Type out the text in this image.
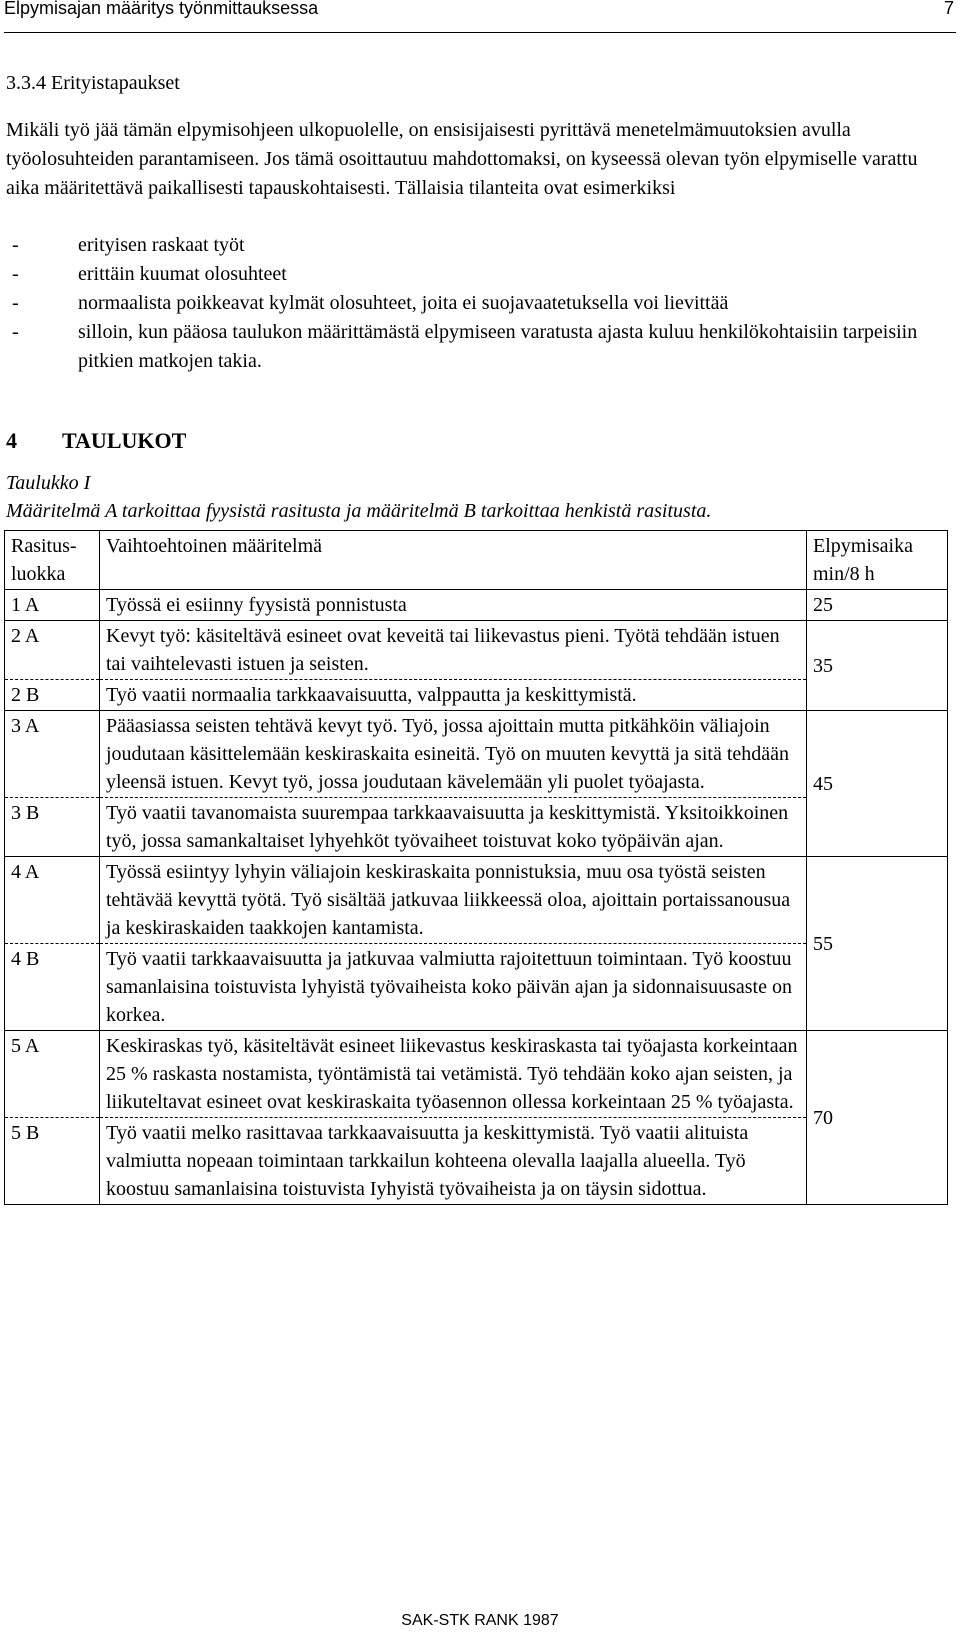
Elpymisajan määritys työnmittauksessa	7
3.3.4 Erityistapaukset

Mikäli työ jää tämän elpymisohjeen ulkopuolelle, on ensisijaisesti pyrittävä menetelmämuutoksien avulla työolosuhteiden parantamiseen. Jos tämä osoittautuu mahdottomaksi, on kyseessä olevan työn elpymiselle varattu aika määritettävä paikallisesti tapauskohtaisesti. Tällaisia tilanteita ovat esimerkiksi

-	erityisen raskaat työt
-	erittäin kuumat olosuhteet
-	normaalista poikkeavat kylmät olosuhteet, joita ei suojavaatetuksella voi lievittää
-	silloin, kun pääosa taulukon määrittämästä elpymiseen varatusta ajasta kuluu henkilökohtaisiin tarpeisiin pitkien matkojen takia.
4 TAULUKOT
Taulukko I
Määritelmä A tarkoittaa fyysistä rasitusta ja määritelmä B tarkoittaa henkistä rasitusta.
Rasitus-
luokka	Vaihtoehtoinen määritelmä	Elpymisaika
min/8 h

1 A	Työssä ei esiinny fyysistä ponnistusta	25
2 A	Kevyt työ: käsiteltävä esineet ovat keveitä tai liikevastus pieni. Työtä tehdään istuen tai vaihtelevasti istuen ja seisten.	35
2 B	Työ vaatii normaalia tarkkaavaisuutta, valppautta ja keskittymistä.	
3 A	Pääasiassa seisten tehtävä kevyt työ. Työ, jossa ajoittain mutta pitkähköin väliajoin joudutaan käsittelemään keskiraskaita esineitä. Työ on muuten kevyttä ja sitä tehdään yleensä istuen. Kevyt työ, jossa joudutaan kävelemään yli puolet työajasta.	45
3 B	Työ vaatii tavanomaista suurempaa tarkkaavaisuutta ja keskittymistä. Yksitoikkoinen työ, jossa samankaltaiset lyhyehköt työvaiheet toistuvat koko työpäivän ajan.	
4 A	Työssä esiintyy lyhyin väliajoin keskiraskaita ponnistuksia, muu osa työstä seisten tehtävää kevyttä työtä. Työ sisältää jatkuvaa liikkeessä oloa, ajoittain portaissanousua ja keskiraskaiden taakkojen kantamista.	55
4 B	Työ vaatii tarkkaavaisuutta ja jatkuvaa valmiutta rajoitettuun toimintaan. Työ koostuu samanlaisina toistuvista lyhyistä työvaiheista koko päivän ajan ja sidonnaisuusaste on korkea.	
5 A	Keskiraskas työ, käsiteltävät esineet liikevastus keskiraskasta tai työajasta korkeintaan 25 % raskasta nostamista, työntämistä tai vetämistä. Työ tehdään koko ajan seisten, ja liikuteltavat esineet ovat keskiraskaita työasennon ollessa korkeintaan 25 % työajasta.	70
5 B	Työ vaatii melko rasittavaa tarkkaavaisuutta ja keskittymistä. Työ vaatii alituista valmiutta nopeaan toimintaan tarkkailun kohteena olevalla laajalla alueella. Työ koostuu samanlaisina toistuvista Iyhyistä työvaiheista ja on täysin sidottua.	
SAK-STK RANK 1987
